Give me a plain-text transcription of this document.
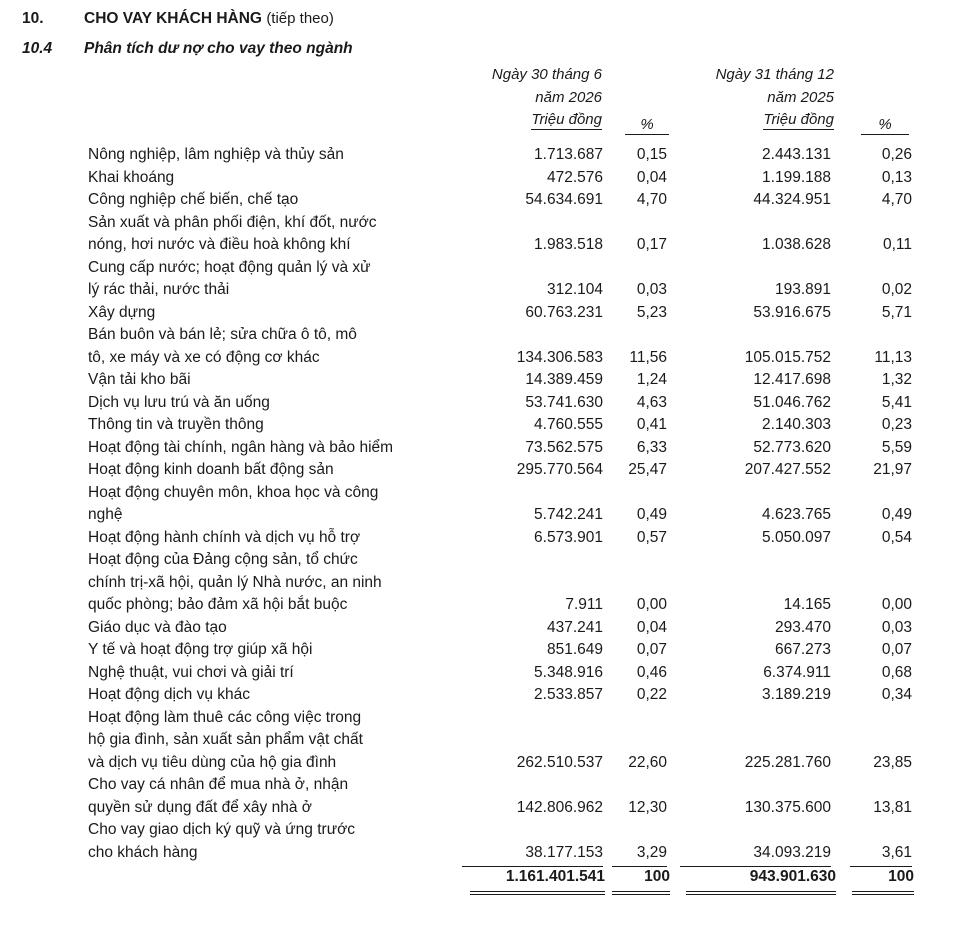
10.	CHO VAY KHÁCH HÀNG (tiếp theo)
10.4 Phân tích dư nợ cho vay theo ngành
Ngày 30 tháng 6
năm 2026
Triệu đồng	%
Ngày 31 tháng 12
năm 2025
Triệu đồng	%
Nông nghiệp, lâm nghiệp và thủy sản	1.713.687	0,15	2.443.131	0,26
Khai khoáng	472.576	0,04	1.199.188	0,13
Công nghiệp chế biến, chế tạo	54.634.691	4,70	44.324.951	4,70
Sản xuất và phân phối điện, khí đốt, nước
nóng, hơi nước và điều hoà không khí	1.983.518	0,17	1.038.628	0,11
Cung cấp nước; hoạt động quản lý và xử
lý rác thải, nước thải	312.104	0,03	193.891	0,02
Xây dựng	60.763.231	5,23	53.916.675	5,71
Bán buôn và bán lẻ; sửa chữa ô tô, mô
tô, xe máy và xe có động cơ khác	134.306.583	11,56	105.015.752	11,13
Vận tải kho bãi	14.389.459	1,24	12.417.698	1,32
Dịch vụ lưu trú và ăn uống	53.741.630	4,63	51.046.762	5,41
Thông tin và truyền thông	4.760.555	0,41	2.140.303	0,23
Hoạt động tài chính, ngân hàng và bảo hiểm	73.562.575	6,33	52.773.620	5,59
Hoạt động kinh doanh bất động sản	295.770.564	25,47	207.427.552	21,97
Hoạt động chuyên môn, khoa học và công
nghệ	5.742.241	0,49	4.623.765	0,49
Hoạt động hành chính và dịch vụ hỗ trợ	6.573.901	0,57	5.050.097	0,54
Hoạt động của Đảng cộng sản, tổ chức
chính trị-xã hội, quản lý Nhà nước, an ninh
quốc phòng; bảo đảm xã hội bắt buộc	7.911	0,00	14.165	0,00
Giáo dục và đào tạo	437.241	0,04	293.470	0,03
Y tế và hoạt động trợ giúp xã hội	851.649	0,07	667.273	0,07
Nghệ thuật, vui chơi và giải trí	5.348.916	0,46	6.374.911	0,68
Hoạt động dịch vụ khác	2.533.857	0,22	3.189.219	0,34
Hoạt động làm thuê các công việc trong
hộ gia đình, sản xuất sản phẩm vật chất
và dịch vụ tiêu dùng của hộ gia đình	262.510.537	22,60	225.281.760	23,85
Cho vay cá nhân để mua nhà ở, nhận
quyền sử dụng đất để xây nhà ở	142.806.962	12,30	130.375.600	13,81
Cho vay giao dịch ký quỹ và ứng trước
cho khách hàng	38.177.153	3,29	34.093.219	3,61
1.161.401.541	100	943.901.630	100
